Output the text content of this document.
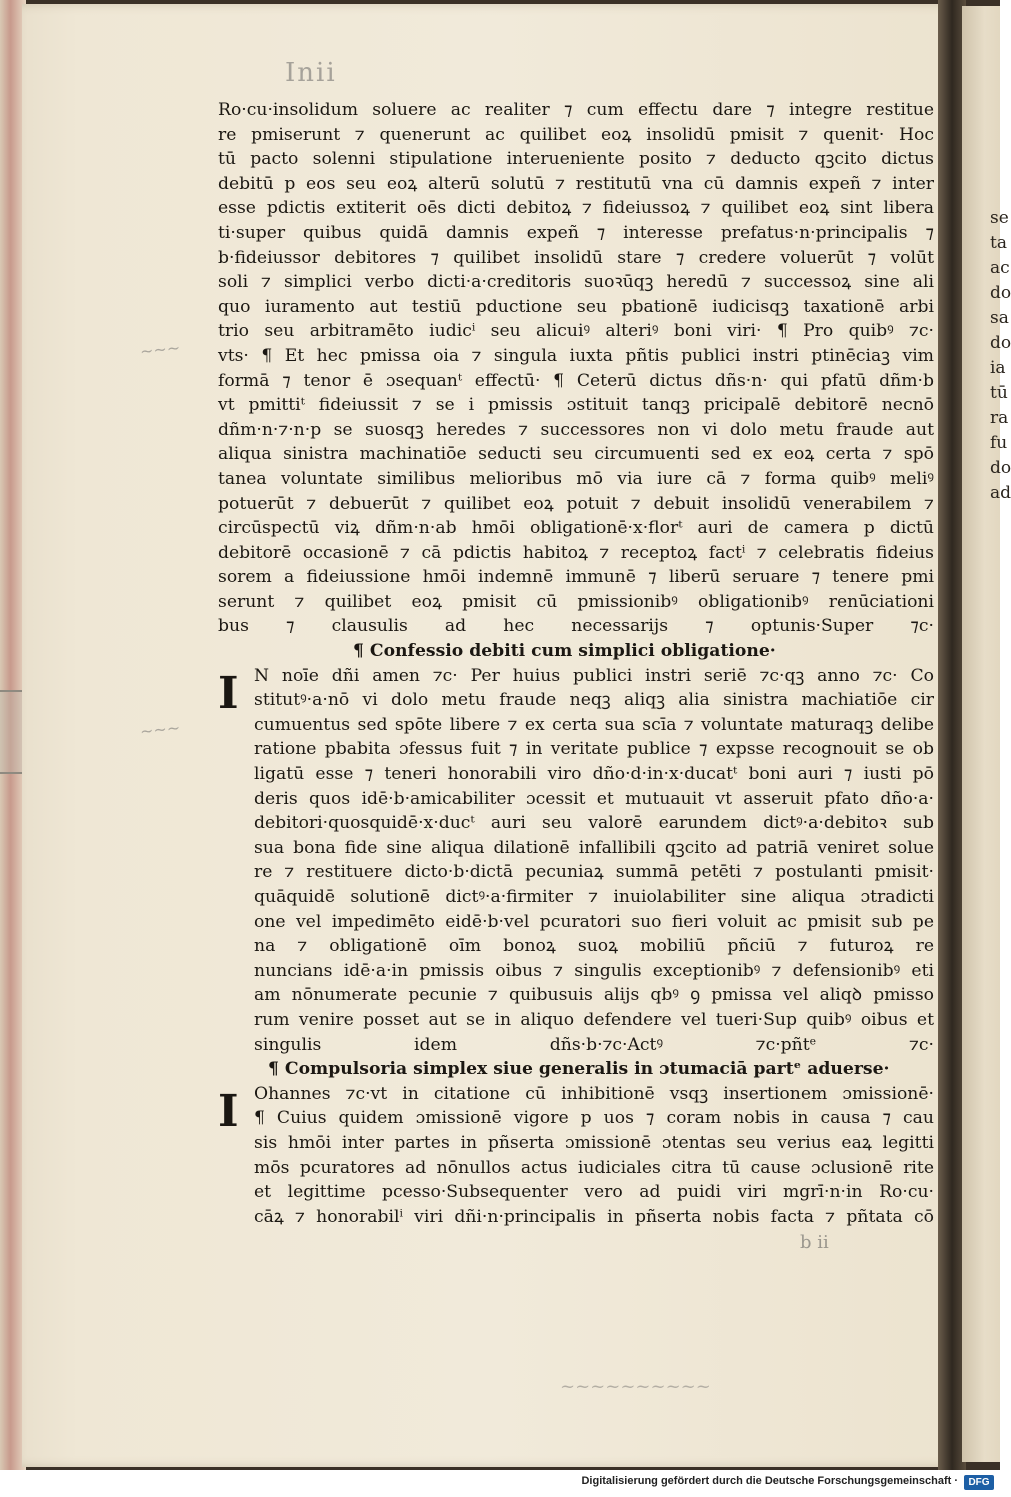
se
ta
ac
do
sa
do
ia
tū
ra
fu
do
ad
Inii
~~~
~~~
~~~~~~~~~~
Ro·cu·insolidum soluere ac realiter ⁊ cum effectu dare ⁊ integre restitue
re pmiserunt ⁊ quenerunt ac quilibet eoꝝ insolidū pmisit ⁊ quenit· Hoc
tū pacto solenni stipulatione interueniente posito ⁊ deducto qꝫcito dictus
debitū p eos seu eoꝝ alterū solutū ⁊ restitutū vna cū damnis expeñ ⁊ inter
esse pdictis extiterit oēs dicti debitoꝝ ⁊ fideiussoꝝ ⁊ quilibet eoꝝ sint libera
ti·super quibus quidā damnis expeñ ⁊ interesse prefatus·n·principalis ⁊
b·fideiussor debitores ⁊ quilibet insolidū stare ⁊ credere voluerūt ⁊ volūt
soli ⁊ simplici verbo dicti·a·creditoris suoꝛūqꝫ heredū ⁊ successoꝝ sine ali
quo iuramento aut testiū pductione seu pbationē iudicisqꝫ taxationē arbi
trio seu arbitramēto iudicⁱ seu alicuiꝰ alteriꝰ boni viri· ¶ Pro quibꝰ ⁊c·
vts· ¶ Et hec pmissa oia ⁊ singula iuxta pñtis publici instri ptinēciaꝫ vim
formā ⁊ tenor ē ɔsequanᵗ effectū· ¶ Ceterū dictus dñs·n· qui pfatū dñm·b
vt pmittiᵗ fideiussit ⁊ se i pmissis ɔstituit tanqꝫ pricipalē debitorē necnō
dñm·n·⁊·n·p se suosqꝫ heredes ⁊ successores non vi dolo metu fraude aut
aliqua sinistra machinatiōe seducti seu circumuenti sed ex eoꝝ certa ⁊ spō
tanea voluntate similibus melioribus mō via iure cā ⁊ forma quibꝰ meliꝰ
potuerūt ⁊ debuerūt ⁊ quilibet eoꝝ potuit ⁊ debuit insolidū venerabilem ⁊
circūspectū viꝝ dñm·n·ab hmōi obligationē·x·florᵗ auri de camera p dictū
debitorē occasionē ⁊ cā pdictis habitoꝝ ⁊ receptoꝝ factⁱ ⁊ celebratis fideius
sorem a fideiussione hmōi indemnē immunē ⁊ liberū seruare ⁊ tenere pmi
serunt ⁊ quilibet eoꝝ pmisit cū pmissionibꝰ obligationibꝰ renūciationi
bus ⁊ clausulis ad hec necessarijs ⁊ optunis·Super ⁊c·
¶ Confessio debiti cum simplici obligatione·
N noīe dñi amen ⁊c· Per huius publici instri seriē ⁊c·qꝫ anno ⁊c· Co
stitutꝰ·a·nō vi dolo metu fraude neqꝫ aliqꝫ alia sinistra machiatiōe cir
cumuentus sed spōte libere ⁊ ex certa sua scīa ⁊ voluntate maturaqꝫ delibe
ratione pbabita ɔfessus fuit ⁊ in veritate publice ⁊ expsse recognouit se ob
ligatū esse ⁊ teneri honorabili viro dño·d·in·x·ducatᵗ boni auri ⁊ iusti pō
deris quos idē·b·amicabiliter ɔcessit et mutuauit vt asseruit pfato dño·a·
debitori·quosquidē·x·ducᵗ auri seu valorē earundem dictꝰ·a·debitoꝛ sub
sua bona fide sine aliqua dilationē infallibili qꝫcito ad patriā veniret solue
re ⁊ restituere dicto·b·dictā pecuniaꝝ summā petēti ⁊ postulanti pmisit·
quāquidē solutionē dictꝰ·a·firmiter ⁊ inuiolabiliter sine aliqua ɔtradicti
one vel impedimēto eidē·b·vel pcuratori suo fieri voluit ac pmisit sub pe
na ⁊ obligationē oīm bonoꝝ suoꝝ mobiliū pñciū ⁊ futuroꝝ re
nuncians idē·a·in pmissis oibus ⁊ singulis exceptionibꝰ ⁊ defensionibꝰ eti
am nōnumerate pecunie ⁊ quibusuis alijs qbꝰ ꝯ pmissa vel aliqꝺ pmisso
rum venire posset aut se in aliquo defendere vel tueri·Sup quibꝰ oibus et
singulis idem dñs·b·⁊c·Actꝰ ⁊c·pñtᵉ ⁊c·
¶ Compulsoria simplex siue generalis in ɔtumaciā partᵉ aduerse·
Ohannes ⁊c·vt in citatione cū inhibitionē vsqꝫ insertionem ɔmissionē·
¶ Cuius quidem ɔmissionē vigore p uos ⁊ coram nobis in causa ⁊ cau
sis hmōi inter partes in pñserta ɔmissionē ɔtentas seu verius eaꝝ legitti
mōs pcuratores ad nōnullos actus iudiciales citra tū cause ɔclusionē rite
et legittime pcesso·Subsequenter vero ad puidi viri mgrī·n·in Ro·cu·
cāꝝ ⁊ honorabilⁱ viri dñi·n·principalis in pñserta nobis facta ⁊ pñtata cō
I
I
b ii
Digitalisierung gefördert durch die Deutsche Forschungsgemeinschaft ·	DFG
